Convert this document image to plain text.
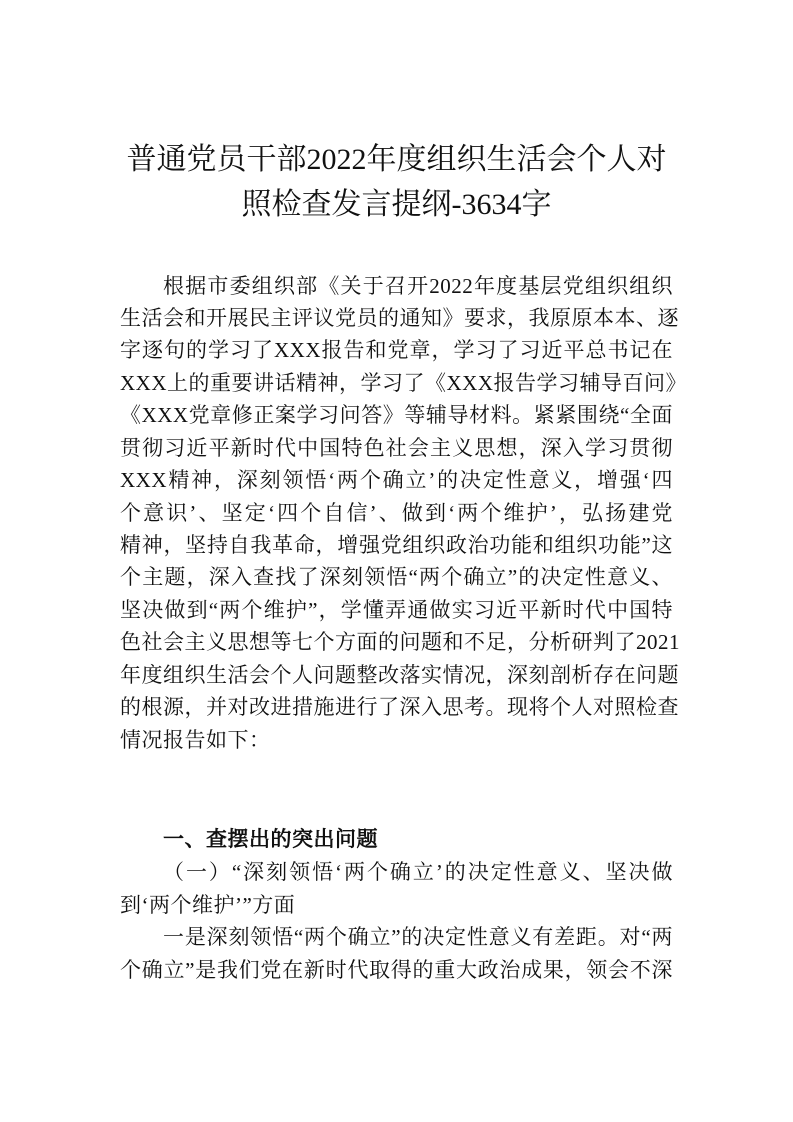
普通党员干部2022年度组织生活会个人对
照检查发言提纲-3634字
根据市委组织部《关于召开2022年度基层党组织组织
生活会和开展民主评议党员的通知》要求，我原原本本、逐
字逐句的学习了XXX报告和党章，学习了习近平总书记在
XXX上的重要讲话精神，学习了《XXX报告学习辅导百问》
《XXX党章修正案学习问答》等辅导材料。紧紧围绕“全面
贯彻习近平新时代中国特色社会主义思想，深入学习贯彻
XXX精神，深刻领悟‘两个确立’的决定性意义，增强‘四
个意识’、坚定‘四个自信’、做到‘两个维护’，弘扬建党
精神，坚持自我革命，增强党组织政治功能和组织功能”这
个主题，深入查找了深刻领悟“两个确立”的决定性意义、
坚决做到“两个维护”，学懂弄通做实习近平新时代中国特
色社会主义思想等七个方面的问题和不足，分析研判了2021
年度组织生活会个人问题整改落实情况，深刻剖析存在问题
的根源，并对改进措施进行了深入思考。现将个人对照检查
情况报告如下：
一、查摆出的突出问题
（一）“深刻领悟‘两个确立’的决定性意义、坚决做
到‘两个维护’”方面
一是深刻领悟“两个确立”的决定性意义有差距。对“两
个确立”是我们党在新时代取得的重大政治成果，领会不深
